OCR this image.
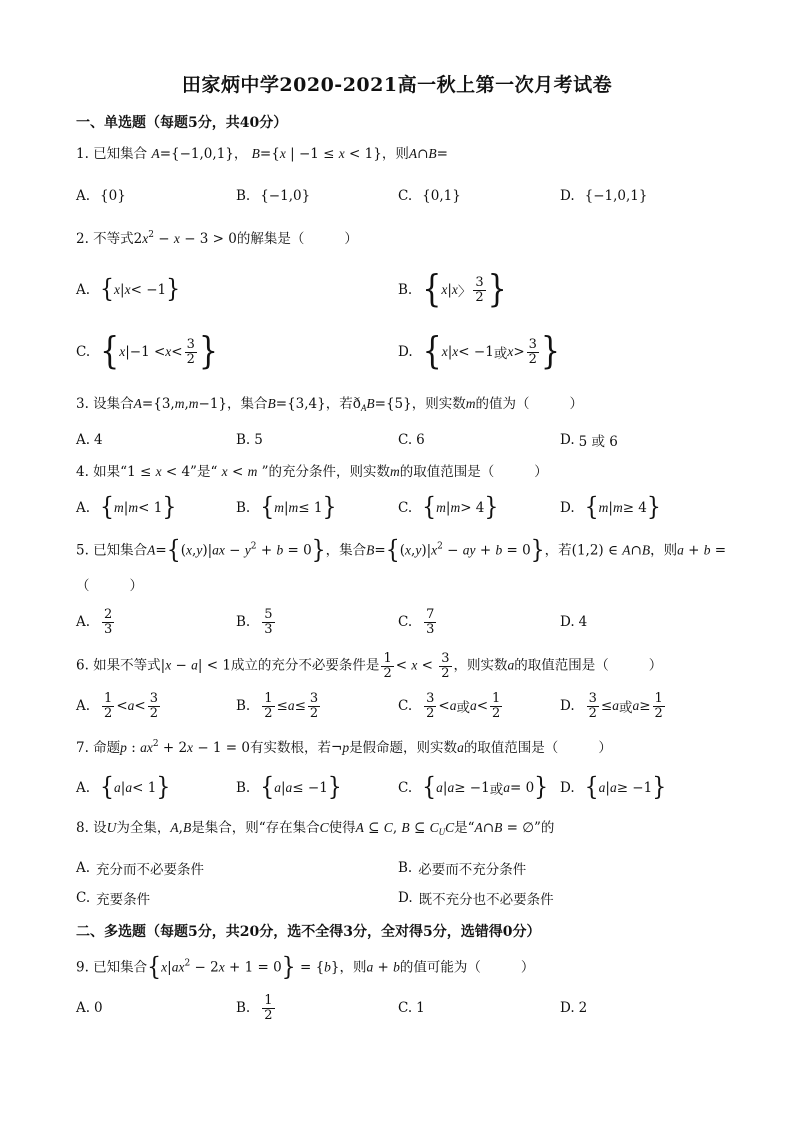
田家炳中学2020-2021高一秋上第一次月考试卷
一、单选题（每题5分，共40分）
1. 已知集合 A={−1,0,1}， B={x | −1 ≤ x < 1}，则A∩B=
A. {0}	B. {−1,0}	C. {0,1}	D. {−1,0,1}
2. 不等式$2x^2 - x - 3 > 0$的解集是（	）
A. { x | x < −1 }	B. { x | x 〉 $\frac{3}{2}$ }
C. { x $|-1 < x < \frac{3}{2}$ }	D. { x | x < −1 或 $x > \frac{3}{2}$ }
3. 设集合A={3,m,m−1}，集合B={3,4}，若$ð_AB=\{5\}$，则实数m的值为（	）
A. 4	B. 5	C. 6	D. 5 或 6
4. 如果“1 ≤ x < 4”是“ x < m ”的充分条件，则实数m的取值范围是（	）
A. { m | m < 1 }	B. { m | m ≤ 1 }	C. { m | m > 4 }	D. { m | m ≥ 4 }
5. 已知集合$A=\{(x,y)|ax - y^2 + b = 0\}$，集合$B=\{(x,y)|x^2$ − ay + b = 0}，若(1,2) ∈ A∩B，则a + b =
（	）
A. $\frac{2}{3}$	B. $\frac{5}{3}$	C. $\frac{7}{3}$	D. 4
6. 如果不等式|x − a| < 1成立的充分不必要条件是 $\frac{1}{2} < x < \frac{3}{2}$ ，则实数a的取值范围是（	）
A. $\frac{1}{2} < a < \frac{3}{2}$	B. $\frac{1}{2} \le a \le \frac{3}{2}$	C. $\frac{3}{2} < a$ 或 $a < \frac{1}{2}$	D. $\frac{3}{2} \le a$ 或 $a \ge \frac{1}{2}$
7. 命题p : $ax^2 + 2x - 1 = 0$有实数根，若¬p是假命题，则实数a的取值范围是（	）
A. { a | a < 1 }	B. { a | a ≤ −1 }	C. { a | a ≥ −1 或 a = 0 } D. { a | a ≥ −1 }
8. 设U为全集，A,B是集合，则“存在集合C使得A ⊆ C, B ⊆ $C_UC$是“A∩B = ∅”的
A. 充分而不必要条件	B. 必要而不充分条件
C. 充要条件	D. 既不充分也不必要条件
二、多选题（每题5分，共20分，选不全得3分，全对得5分，选错得0分）
9. 已知集合$\{x|ax^2 - 2x + 1 = 0\} = \{b\}$，则a + b的值可能为（	）
A. 0	B. $\frac{1}{2}$	C. 1	D. 2
